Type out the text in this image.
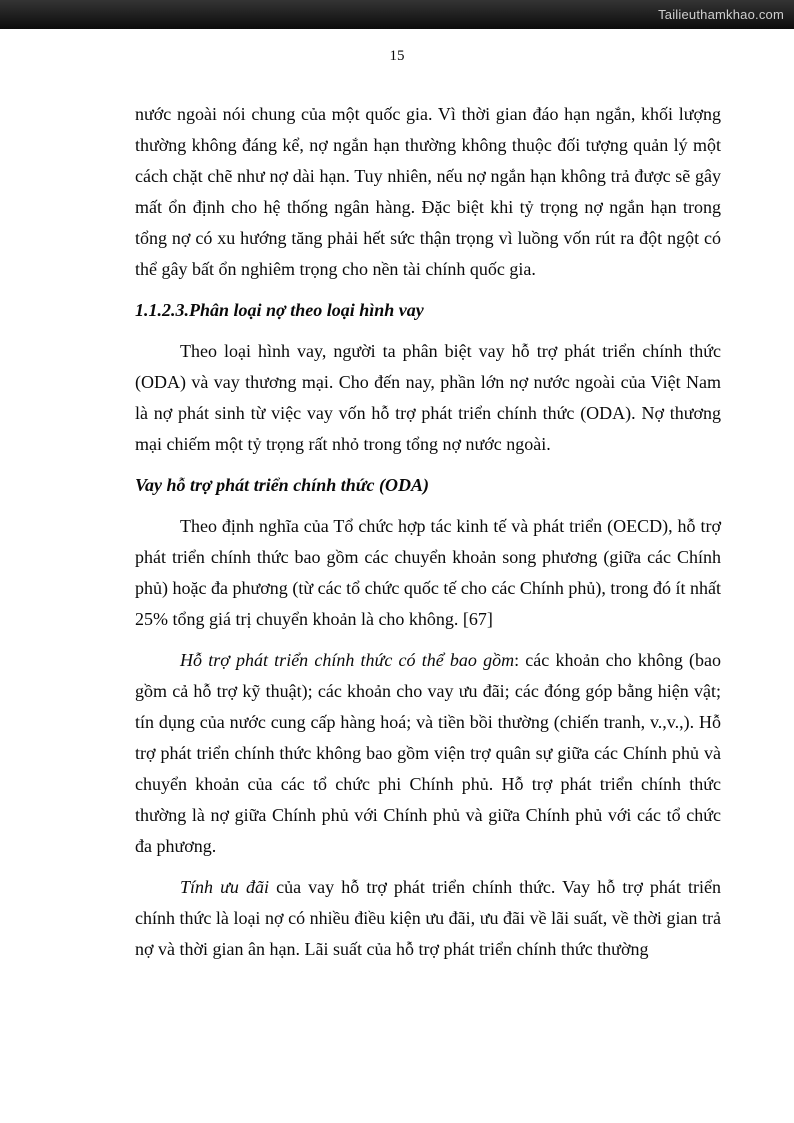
Tailieuthamkhao.com
15

nước ngoài nói chung của một quốc gia. Vì thời gian đáo hạn ngắn, khối lượng thường không đáng kể, nợ ngắn hạn thường không thuộc đối tượng quản lý một cách chặt chẽ như nợ dài hạn. Tuy nhiên, nếu nợ ngắn hạn không trả được sẽ gây mất ổn định cho hệ thống ngân hàng. Đặc biệt khi tỷ trọng nợ ngắn hạn trong tổng nợ có xu hướng tăng phải hết sức thận trọng vì luồng vốn rút ra đột ngột có thể gây bất ổn nghiêm trọng cho nền tài chính quốc gia.

1.1.2.3.Phân loại nợ theo loại hình vay

Theo loại hình vay, người ta phân biệt vay hỗ trợ phát triển chính thức (ODA) và vay thương mại. Cho đến nay, phần lớn nợ nước ngoài của Việt Nam là nợ phát sinh từ việc vay vốn hỗ trợ phát triển chính thức (ODA). Nợ thương mại chiếm một tỷ trọng rất nhỏ trong tổng nợ nước ngoài.

Vay hỗ trợ phát triển chính thức (ODA)

Theo định nghĩa của Tổ chức hợp tác kinh tế và phát triển (OECD), hỗ trợ phát triển chính thức bao gồm các chuyển khoản song phương (giữa các Chính phủ) hoặc đa phương (từ các tổ chức quốc tế cho các Chính phủ), trong đó ít nhất 25% tổng giá trị chuyển khoản là cho không. [67]

Hỗ trợ phát triển chính thức có thể bao gồm: các khoản cho không (bao gồm cả hỗ trợ kỹ thuật); các khoản cho vay ưu đãi; các đóng góp bằng hiện vật; tín dụng của nước cung cấp hàng hoá; và tiền bồi thường (chiến tranh, v.,v.,). Hỗ trợ phát triển chính thức không bao gồm viện trợ quân sự giữa các Chính phủ và chuyển khoản của các tổ chức phi Chính phủ. Hỗ trợ phát triển chính thức thường là nợ giữa Chính phủ với Chính phủ và giữa Chính phủ với các tổ chức đa phương.

Tính ưu đãi của vay hỗ trợ phát triển chính thức. Vay hỗ trợ phát triển chính thức là loại nợ có nhiều điều kiện ưu đãi, ưu đãi về lãi suất, về thời gian trả nợ và thời gian ân hạn. Lãi suất của hỗ trợ phát triển chính thức thường
